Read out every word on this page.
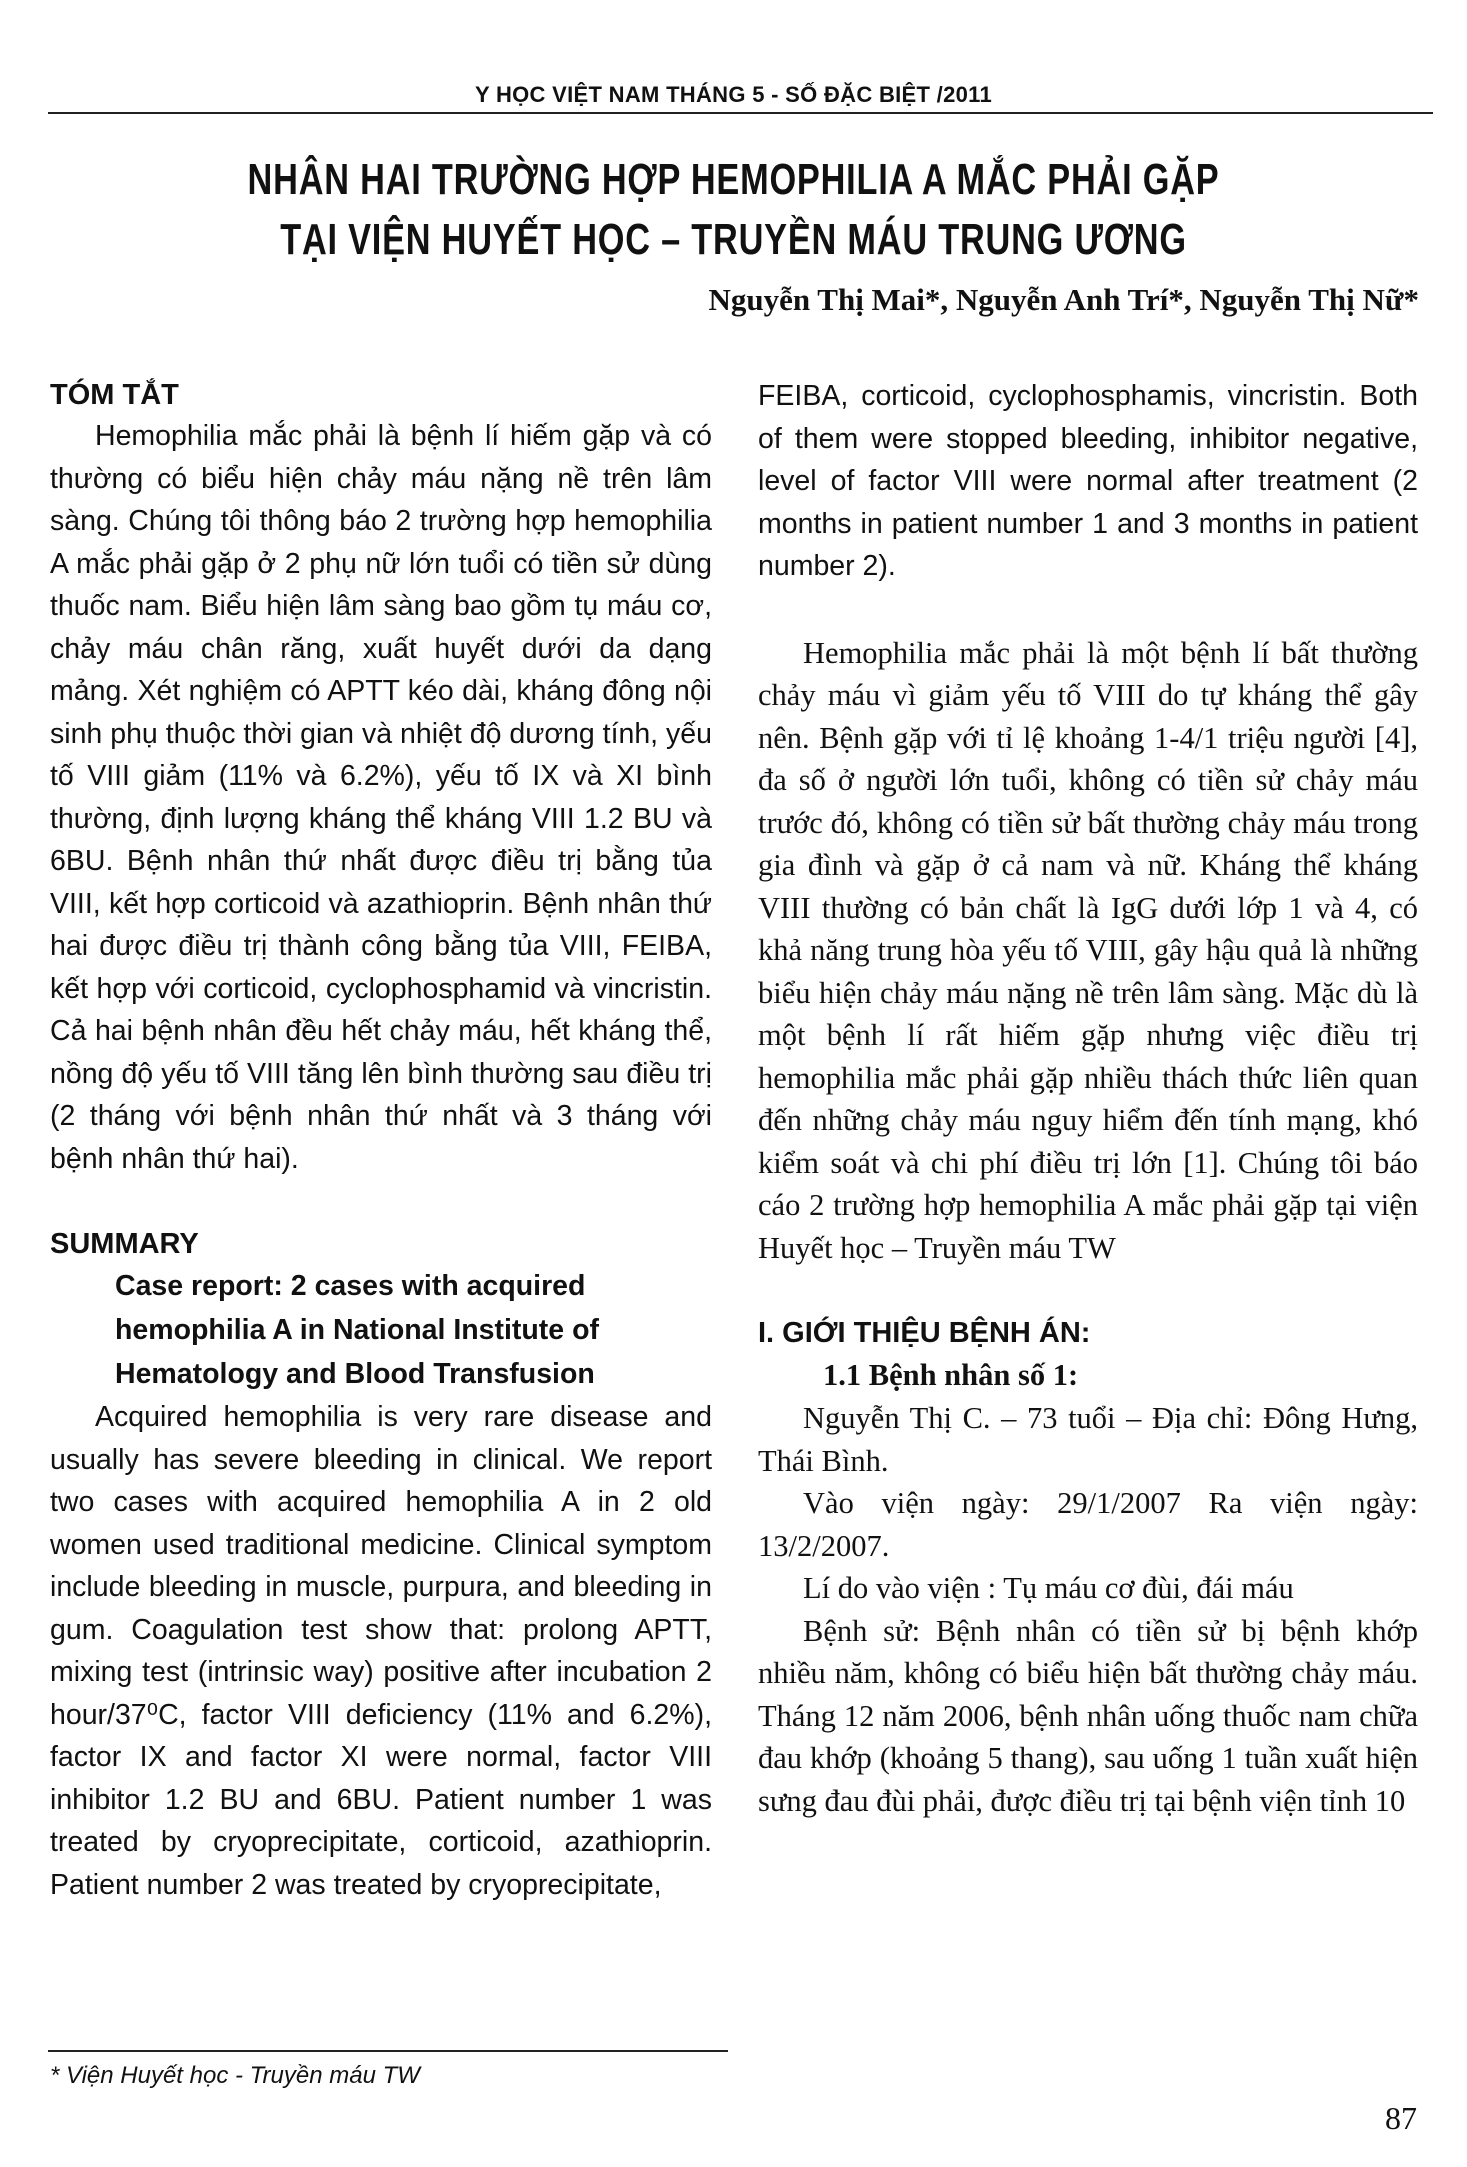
Y HỌC VIỆT NAM THÁNG 5 - SỐ ĐẶC BIỆT /2011
NHÂN HAI TRƯỜNG HỢP HEMOPHILIA A MẮC PHẢI GẶP
TẠI VIỆN HUYẾT HỌC – TRUYỀN MÁU TRUNG ƯƠNG
Nguyễn Thị Mai*, Nguyễn Anh Trí*, Nguyễn Thị Nữ*
TÓM TẮT

Hemophilia mắc phải là bệnh lí hiếm gặp và có thường có biểu hiện chảy máu nặng nề trên lâm sàng. Chúng tôi thông báo 2 trường hợp hemophilia A mắc phải gặp ở 2 phụ nữ lớn tuổi có tiền sử dùng thuốc nam. Biểu hiện lâm sàng bao gồm tụ máu cơ, chảy máu chân răng, xuất huyết dưới da dạng mảng. Xét nghiệm có APTT kéo dài, kháng đông nội sinh phụ thuộc thời gian và nhiệt độ dương tính, yếu tố VIII giảm (11% và 6.2%), yếu tố IX và XI bình thường, định lượng kháng thể kháng VIII 1.2 BU và 6BU. Bệnh nhân thứ nhất được điều trị bằng tủa VIII, kết hợp corticoid và azathioprin. Bệnh nhân thứ hai được điều trị thành công bằng tủa VIII, FEIBA, kết hợp với corticoid, cyclophosphamid và vincristin. Cả hai bệnh nhân đều hết chảy máu, hết kháng thể, nồng độ yếu tố VIII tăng lên bình thường sau điều trị (2 tháng với bệnh nhân thứ nhất và 3 tháng với bệnh nhân thứ hai).

SUMMARY

Case report: 2 cases with acquired hemophilia A in National Institute of Hematology and Blood Transfusion

Acquired hemophilia is very rare disease and usually has severe bleeding in clinical. We report two cases with acquired hemophilia A in 2 old women used traditional medicine. Clinical symptom include bleeding in muscle, purpura, and bleeding in gum. Coagulation test show that: prolong APTT, mixing test (intrinsic way) positive after incubation 2 hour/37⁰C, factor VIII deficiency (11% and 6.2%), factor IX and factor XI were normal, factor VIII inhibitor 1.2 BU and 6BU. Patient number 1 was treated by cryoprecipitate, corticoid, azathioprin. Patient number 2 was treated by cryoprecipitate,

FEIBA, corticoid, cyclophosphamis, vincristin. Both of them were stopped bleeding, inhibitor negative, level of factor VIII were normal after treatment (2 months in patient number 1 and 3 months in patient number 2).

Hemophilia mắc phải là một bệnh lí bất thường chảy máu vì giảm yếu tố VIII do tự kháng thể gây nên. Bệnh gặp với tỉ lệ khoảng 1-4/1 triệu người [4], đa số ở người lớn tuổi, không có tiền sử chảy máu trước đó, không có tiền sử bất thường chảy máu trong gia đình và gặp ở cả nam và nữ. Kháng thể kháng VIII thường có bản chất là IgG dưới lớp 1 và 4, có khả năng trung hòa yếu tố VIII, gây hậu quả là những biểu hiện chảy máu nặng nề trên lâm sàng. Mặc dù là một bệnh lí rất hiếm gặp nhưng việc điều trị hemophilia mắc phải gặp nhiều thách thức liên quan đến những chảy máu nguy hiểm đến tính mạng, khó kiểm soát và chi phí điều trị lớn [1]. Chúng tôi báo cáo 2 trường hợp hemophilia A mắc phải gặp tại viện Huyết học – Truyền máu TW

I. GIỚI THIỆU BỆNH ÁN:
1.1 Bệnh nhân số 1:

Nguyễn Thị C. – 73 tuổi – Địa chỉ: Đông Hưng, Thái Bình.

Vào viện ngày: 29/1/2007 Ra viện ngày: 13/2/2007.

Lí do vào viện : Tụ máu cơ đùi, đái máu

Bệnh sử: Bệnh nhân có tiền sử bị bệnh khớp nhiều năm, không có biểu hiện bất thường chảy máu. Tháng 12 năm 2006, bệnh nhân uống thuốc nam chữa đau khớp (khoảng 5 thang), sau uống 1 tuần xuất hiện sưng đau đùi phải, được điều trị tại bệnh viện tỉnh 10

* Viện Huyết học - Truyền máu TW
87
